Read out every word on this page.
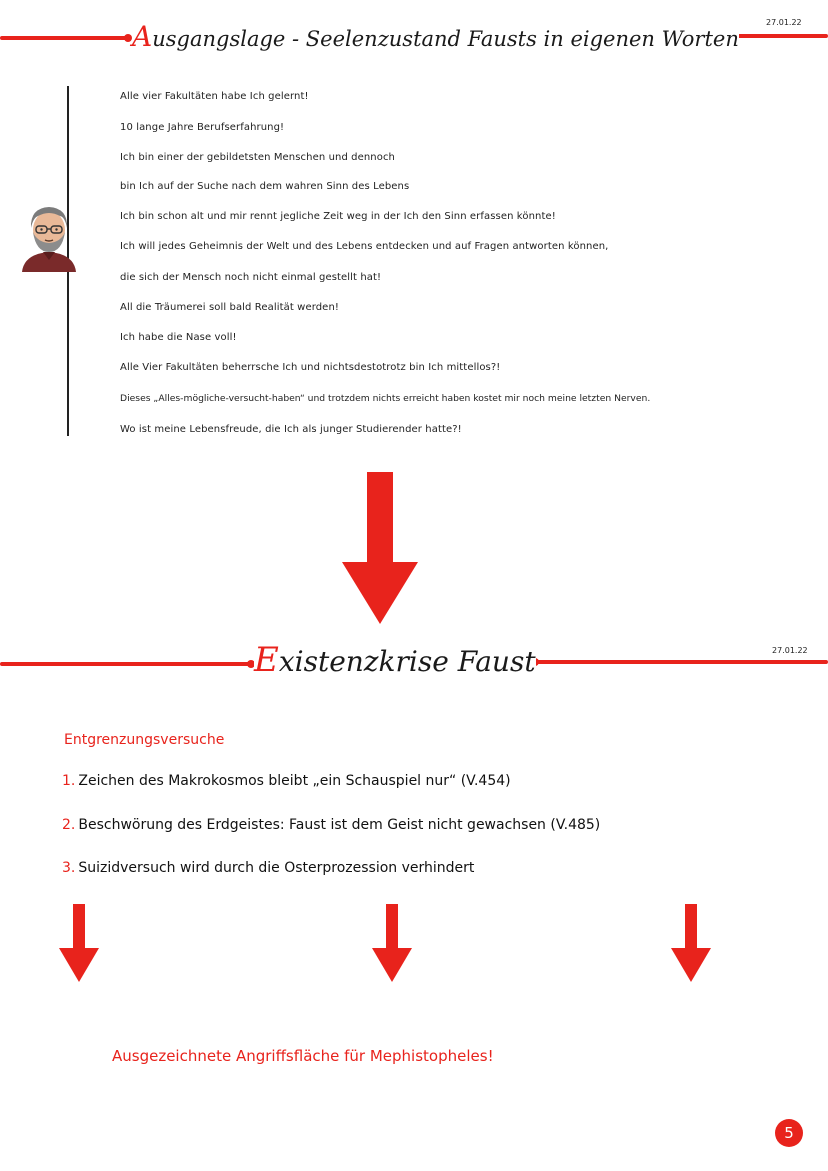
Ausgangslage - Seelenzustand Fausts in eigenen Worten
27.01.22
Alle vier Fakultäten habe Ich gelernt!
10 lange Jahre Berufserfahrung!
Ich bin einer der gebildetsten Menschen und dennoch
bin Ich auf der Suche nach dem wahren Sinn des Lebens
Ich bin schon alt und mir rennt jegliche Zeit weg in der Ich den Sinn erfassen könnte!
Ich will jedes Geheimnis der Welt und des Lebens entdecken und auf Fragen antworten können,
die sich der Mensch noch nicht einmal gestellt hat!
All die Träumerei soll bald Realität werden!
Ich habe die Nase voll!
Alle Vier Fakultäten beherrsche Ich und nichtsdestotrotz bin Ich mittellos?!
Dieses „Alles-mögliche-versucht-haben“ und trotzdem nichts erreicht haben kostet mir noch meine letzten Nerven.
Wo ist meine Lebensfreude, die Ich als junger Studierender hatte?!
Existenzkrise Faust	27.01.22
Entgrenzungsversuche
1. Zeichen des Makrokosmos bleibt „ein Schauspiel nur“ (V.454)
2. Beschwörung des Erdgeistes: Faust ist dem Geist nicht gewachsen (V.485)
3. Suizidversuch wird durch die Osterprozession verhindert
Ausgezeichnete Angriffsfläche für Mephistopheles!
5
